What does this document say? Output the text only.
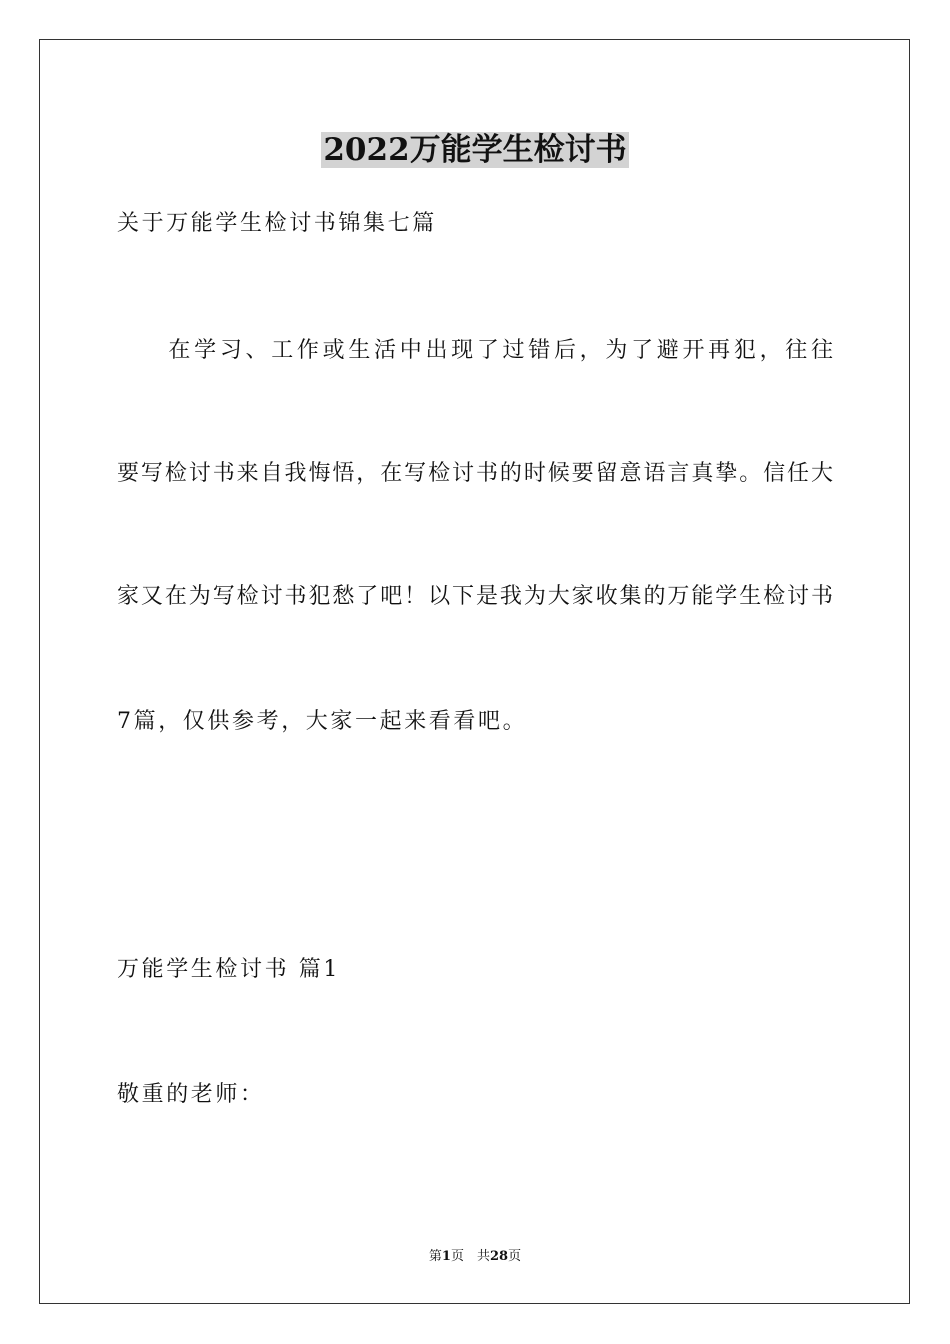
2022万能学生检讨书
关于万能学生检讨书锦集七篇
　　在学习、工作或生活中出现了过错后，为了避开再犯，往往
要写检讨书来自我悔悟，在写检讨书的时候要留意语言真挚。信任大
家又在为写检讨书犯愁了吧！以下是我为大家收集的万能学生检讨书
7篇，仅供参考，大家一起来看看吧。
万能学生检讨书 篇1
敬重的老师：
第1页　共28页
